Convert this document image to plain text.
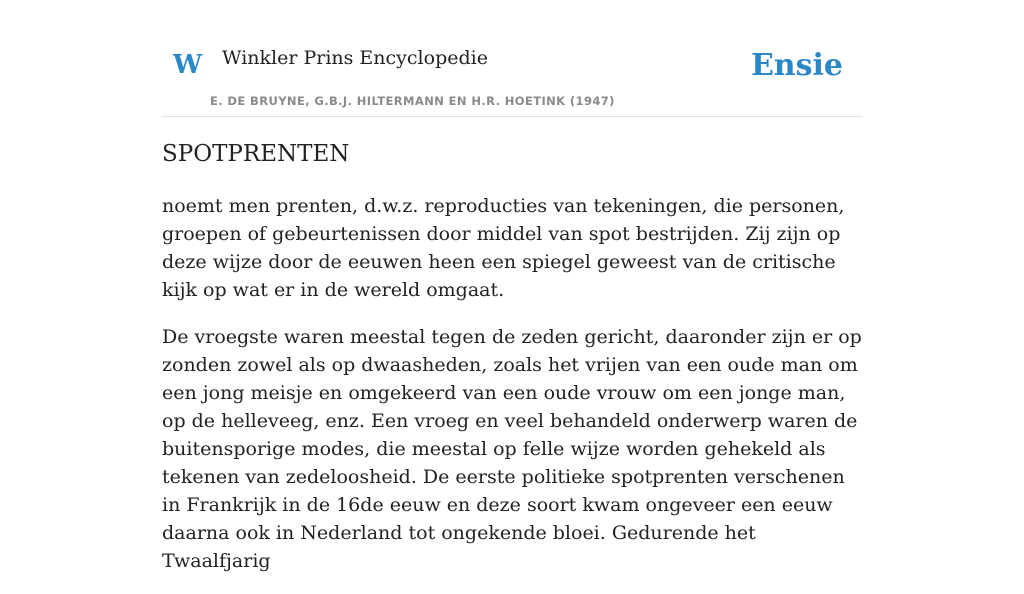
W Winkler Prins Encyclopedie
E. DE BRUYNE, G.B.J. HILTERMANN EN H.R. HOETINK (1947)
Ensie
SPOTPRENTEN

noemt men prenten, d.w.z. reproducties van tekeningen, die personen, groepen of gebeurtenissen door middel van spot bestrijden. Zij zijn op deze wijze door de eeuwen heen een spiegel geweest van de critische kijk op wat er in de wereld omgaat.

De vroegste waren meestal tegen de zeden gericht, daaronder zijn er op zonden zowel als op dwaasheden, zoals het vrijen van een oude man om een jong meisje en omgekeerd van een oude vrouw om een jonge man, op de helleveeg, enz. Een vroeg en veel behandeld onderwerp waren de buitensporige modes, die meestal op felle wijze worden gehekeld als tekenen van zedeloosheid. De eerste politieke spotprenten verschenen in Frankrijk in de 16de eeuw en deze soort kwam ongeveer een eeuw daarna ook in Nederland tot ongekende bloei. Gedurende het Twaalfjarig
